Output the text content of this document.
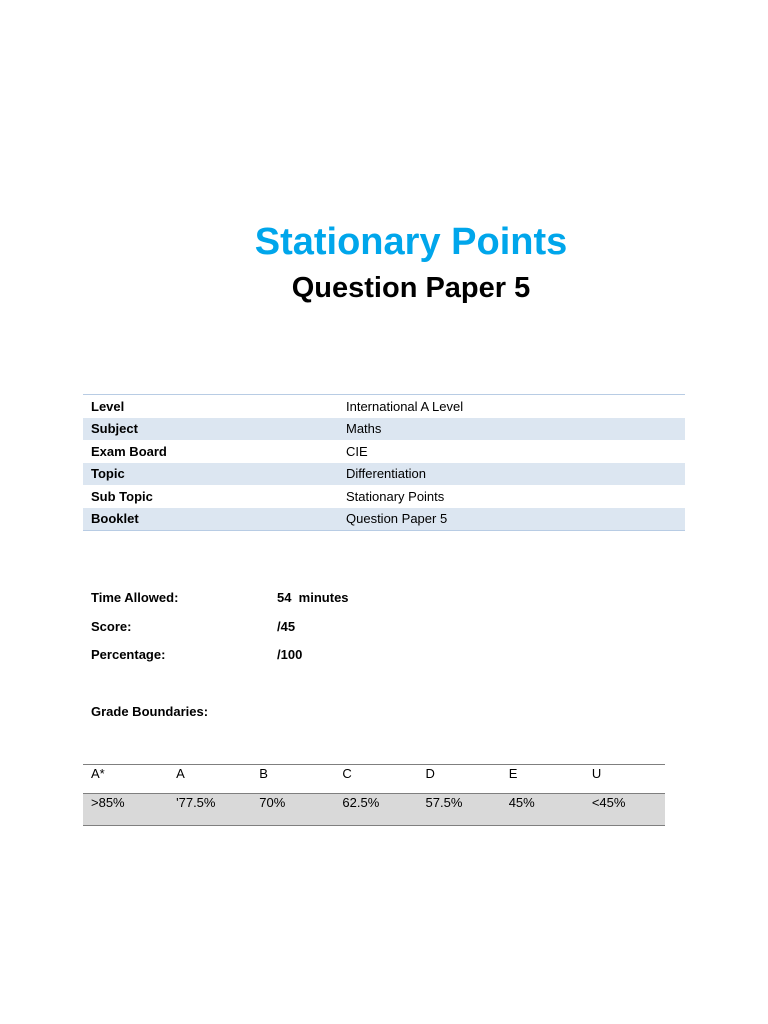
Stationary Points
Question Paper 5
Level	International A Level
Subject	Maths
Exam Board	CIE
Topic	Differentiation
Sub Topic	Stationary Points
Booklet	Question Paper 5
Time Allowed:	54  minutes
Score:	/45
Percentage:	/100
Grade Boundaries:
A*	A	B	C	D	E	U
>85%	'77.5%	70%	62.5%	57.5%	45%	<45%
